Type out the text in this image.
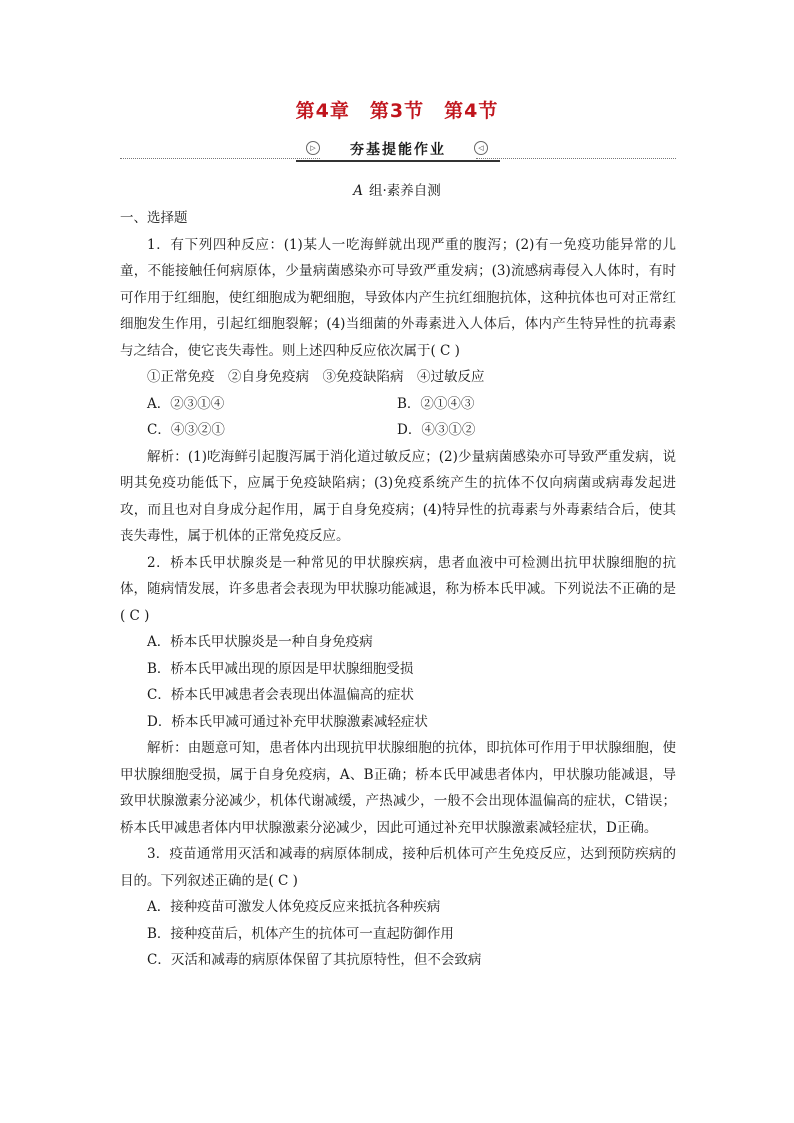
第4章　第3节　第4节
▷	夯基提能作业	◁
A 组·素养自测

一、选择题

1．有下列四种反应：(1)某人一吃海鲜就出现严重的腹泻；(2)有一免疫功能异常的儿童，不能接触任何病原体，少量病菌感染亦可导致严重发病；(3)流感病毒侵入人体时，有时可作用于红细胞，使红细胞成为靶细胞，导致体内产生抗红细胞抗体，这种抗体也可对正常红细胞发生作用，引起红细胞裂解；(4)当细菌的外毒素进入人体后，体内产生特异性的抗毒素与之结合，使它丧失毒性。则上述四种反应依次属于( C )

①正常免疫　②自身免疫病　③免疫缺陷病　④过敏反应

A．②③①④	B．②①④③
C．④③②①	D．④③①②

解析：(1)吃海鲜引起腹泻属于消化道过敏反应；(2)少量病菌感染亦可导致严重发病，说明其免疫功能低下，应属于免疫缺陷病；(3)免疫系统产生的抗体不仅向病菌或病毒发起进攻，而且也对自身成分起作用，属于自身免疫病；(4)特异性的抗毒素与外毒素结合后，使其丧失毒性，属于机体的正常免疫反应。

2．桥本氏甲状腺炎是一种常见的甲状腺疾病，患者血液中可检测出抗甲状腺细胞的抗体，随病情发展，许多患者会表现为甲状腺功能减退，称为桥本氏甲减。下列说法不正确的是( C )

A．桥本氏甲状腺炎是一种自身免疫病

B．桥本氏甲减出现的原因是甲状腺细胞受损

C．桥本氏甲减患者会表现出体温偏高的症状

D．桥本氏甲减可通过补充甲状腺激素减轻症状

解析：由题意可知，患者体内出现抗甲状腺细胞的抗体，即抗体可作用于甲状腺细胞，使甲状腺细胞受损，属于自身免疫病，A、B正确；桥本氏甲减患者体内，甲状腺功能减退，导致甲状腺激素分泌减少，机体代谢减缓，产热减少，一般不会出现体温偏高的症状，C错误；桥本氏甲减患者体内甲状腺激素分泌减少，因此可通过补充甲状腺激素减轻症状，D正确。

3．疫苗通常用灭活和减毒的病原体制成，接种后机体可产生免疫反应，达到预防疾病的目的。下列叙述正确的是( C )

A．接种疫苗可激发人体免疫反应来抵抗各种疾病

B．接种疫苗后，机体产生的抗体可一直起防御作用

C．灭活和减毒的病原体保留了其抗原特性，但不会致病
